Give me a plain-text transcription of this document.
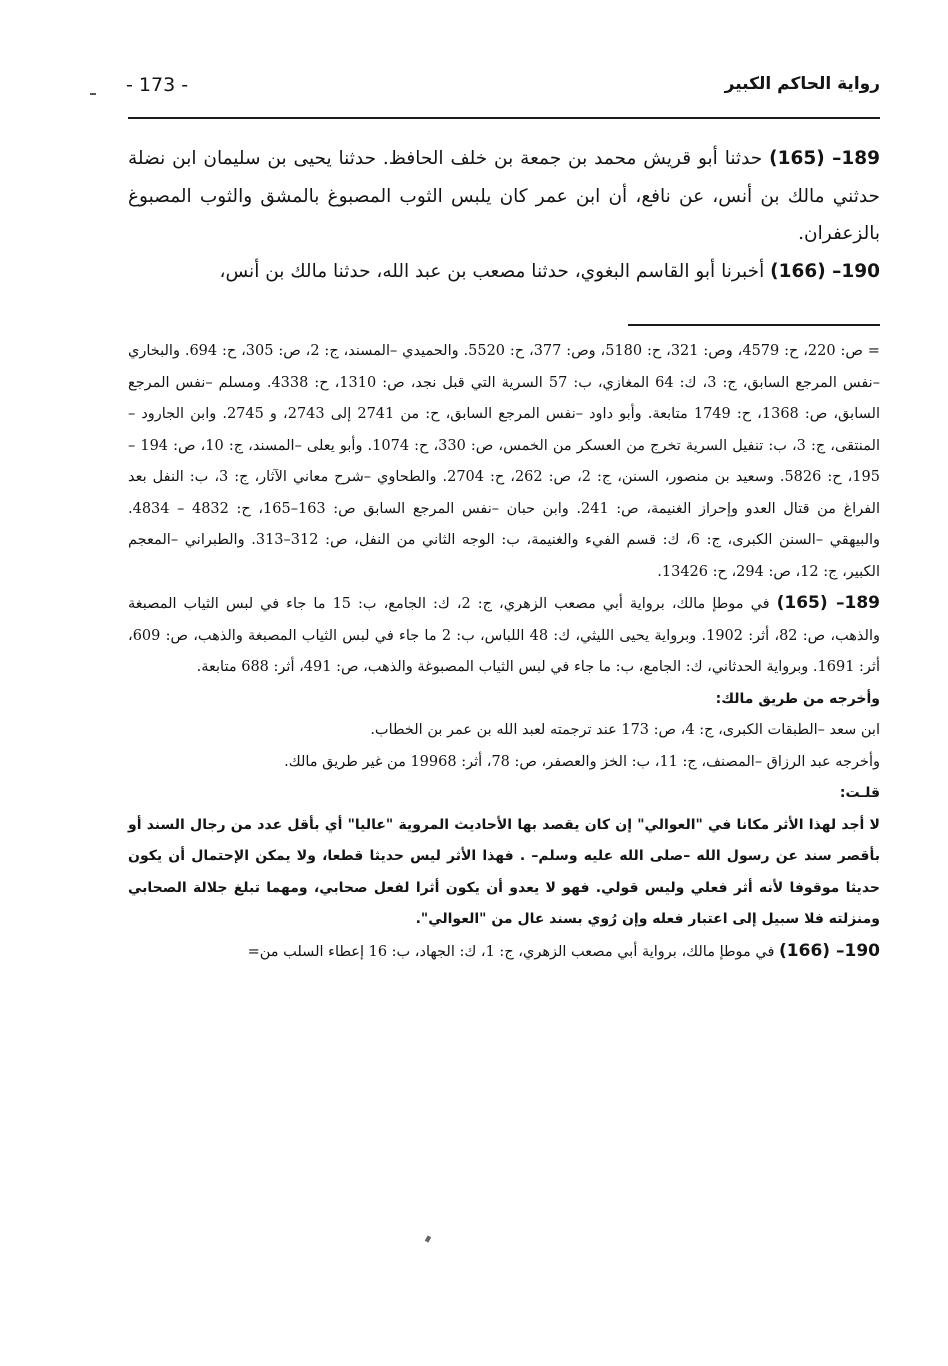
رواية الحاكم الكبير
- 173 -

189– (165) حدثنا أبو قريش محمد بن جمعة بن خلف الحافظ. حدثنا يحيى بن سليمان ابن نضلة حدثني مالك بن أنس، عن نافع، أن ابن عمر كان يلبس الثوب المصبوغ بالمشق والثوب المصبوغ بالزعفران.

190– (166) أخبرنا أبو القاسم البغوي، حدثنا مصعب بن عبد الله، حدثنا مالك بن أنس،

= ص: 220، ح: 4579، وص: 321، ح: 5180، وص: 377، ح: 5520. والحميدي –المسند، ج: 2، ص: 305، ح: 694. والبخاري –نفس المرجع السابق، ج: 3، ك: 64 المغازي، ب: 57 السرية التي قبل نجد، ص: 1310، ح: 4338. ومسلم –نفس المرجع السابق، ص: 1368، ح: 1749 متابعة. وأبو داود –نفس المرجع السابق، ح: من 2741 إلى 2743، و 2745. وابن الجارود –المنتقى، ج: 3، ب: تنفيل السرية تخرج من العسكر من الخمس، ص: 330، ح: 1074. وأبو يعلى –المسند، ج: 10، ص: 194 – 195، ح: 5826. وسعيد بن منصور، السنن، ج: 2، ص: 262، ح: 2704. والطحاوي –شرح معاني الآثار، ج: 3، ب: النفل بعد الفراغ من قتال العدو وإحراز الغنيمة، ص: 241. وابن حبان –نفس المرجع السابق ص: 163–165، ح: 4832 – 4834. والبيهقي –السنن الكبرى، ج: 6، ك: قسم الفيء والغنيمة، ب: الوجه الثاني من النفل، ص: 312–313. والطبراني –المعجم الكبير، ج: 12، ص: 294، ح: 13426.

189– (165) في موطإ مالك، برواية أبي مصعب الزهري، ج: 2، ك: الجامع، ب: 15 ما جاء في لبس الثياب المصبغة والذهب، ص: 82، أثر: 1902. وبرواية يحيى الليثي، ك: 48 اللباس، ب: 2 ما جاء في لبس الثياب المصبغة والذهب، ص: 609، أثر: 1691. وبرواية الحدثاني، ك: الجامع، ب: ما جاء في لبس الثياب المصبوغة والذهب، ص: 491، أثر: 688 متابعة.

وأخرجه من طريق مالك:

ابن سعد –الطبقات الكبرى، ج: 4، ص: 173 عند ترجمته لعبد الله بن عمر بن الخطاب.

وأخرجه عبد الرزاق –المصنف، ج: 11، ب: الخز والعصفر، ص: 78، أثر: 19968 من غير طريق مالك.

قلـت:

لا أجد لهذا الأثر مكانا في "العوالي" إن كان يقصد بها الأحاديث المروية "عاليا" أي بأقل عدد من رجال السند أو بأقصر سند عن رسول الله –صلى الله عليه وسلم– . فهذا الأثر ليس حديثا قطعا، ولا يمكن الإحتمال أن يكون حديثا موقوفا لأنه أثر فعلي وليس قولي. فهو لا يعدو أن يكون أثرا لفعل صحابي، ومهما تبلغ جلالة الصحابي ومنزلته فلا سبيل إلى اعتبار فعله وإن رُوي بسند عال من "العوالي".

190– (166) في موطإ مالك، برواية أبي مصعب الزهري، ج: 1، ك: الجهاد، ب: 16 إعطاء السلب من=
